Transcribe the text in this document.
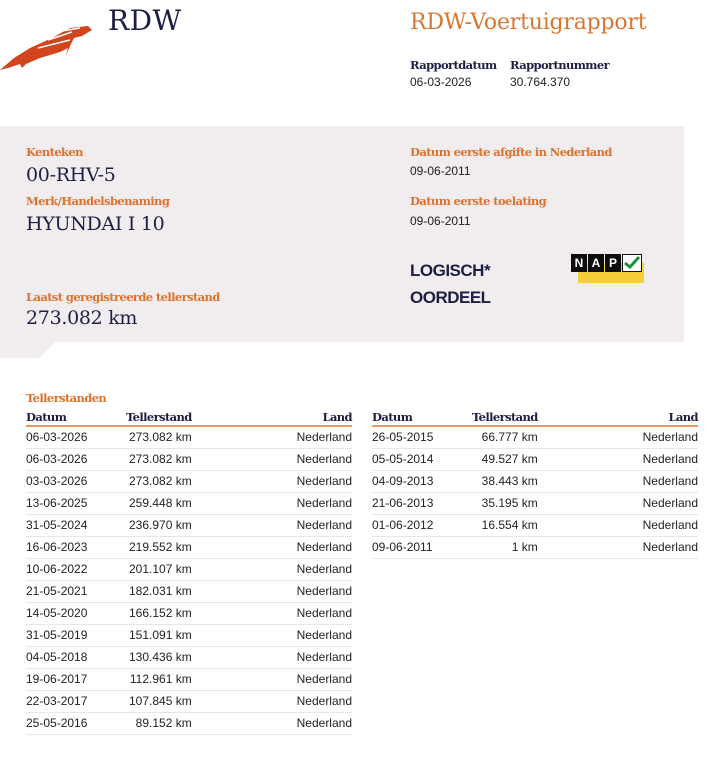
RDW	RDW-Voertuigrapport
Rapportdatum
06-03-2026
Rapportnummer
30.764.370
Kenteken
00-RHV-5
Merk/Handelsbenaming
HYUNDAI I 10
Laatst geregistreerde tellerstand
273.082 km
Datum eerste afgifte in Nederland
09-06-2011
Datum eerste toelating
09-06-2011
LOGISCH*
OORDEEL
N A P
Tellerstanden
Datum	Tellerstand	Land
06-03-2026	273.082 km	Nederland
06-03-2026	273.082 km	Nederland
03-03-2026	273.082 km	Nederland
13-06-2025	259.448 km	Nederland
31-05-2024	236.970 km	Nederland
16-06-2023	219.552 km	Nederland
10-06-2022	201.107 km	Nederland
21-05-2021	182.031 km	Nederland
14-05-2020	166.152 km	Nederland
31-05-2019	151.091 km	Nederland
04-05-2018	130.436 km	Nederland
19-06-2017	112.961 km	Nederland
22-03-2017	107.845 km	Nederland
25-05-2016	89.152 km	Nederland
Datum	Tellerstand	Land
26-05-2015	66.777 km	Nederland
05-05-2014	49.527 km	Nederland
04-09-2013	38.443 km	Nederland
21-06-2013	35.195 km	Nederland
01-06-2012	16.554 km	Nederland
09-06-2011	1 km	Nederland
